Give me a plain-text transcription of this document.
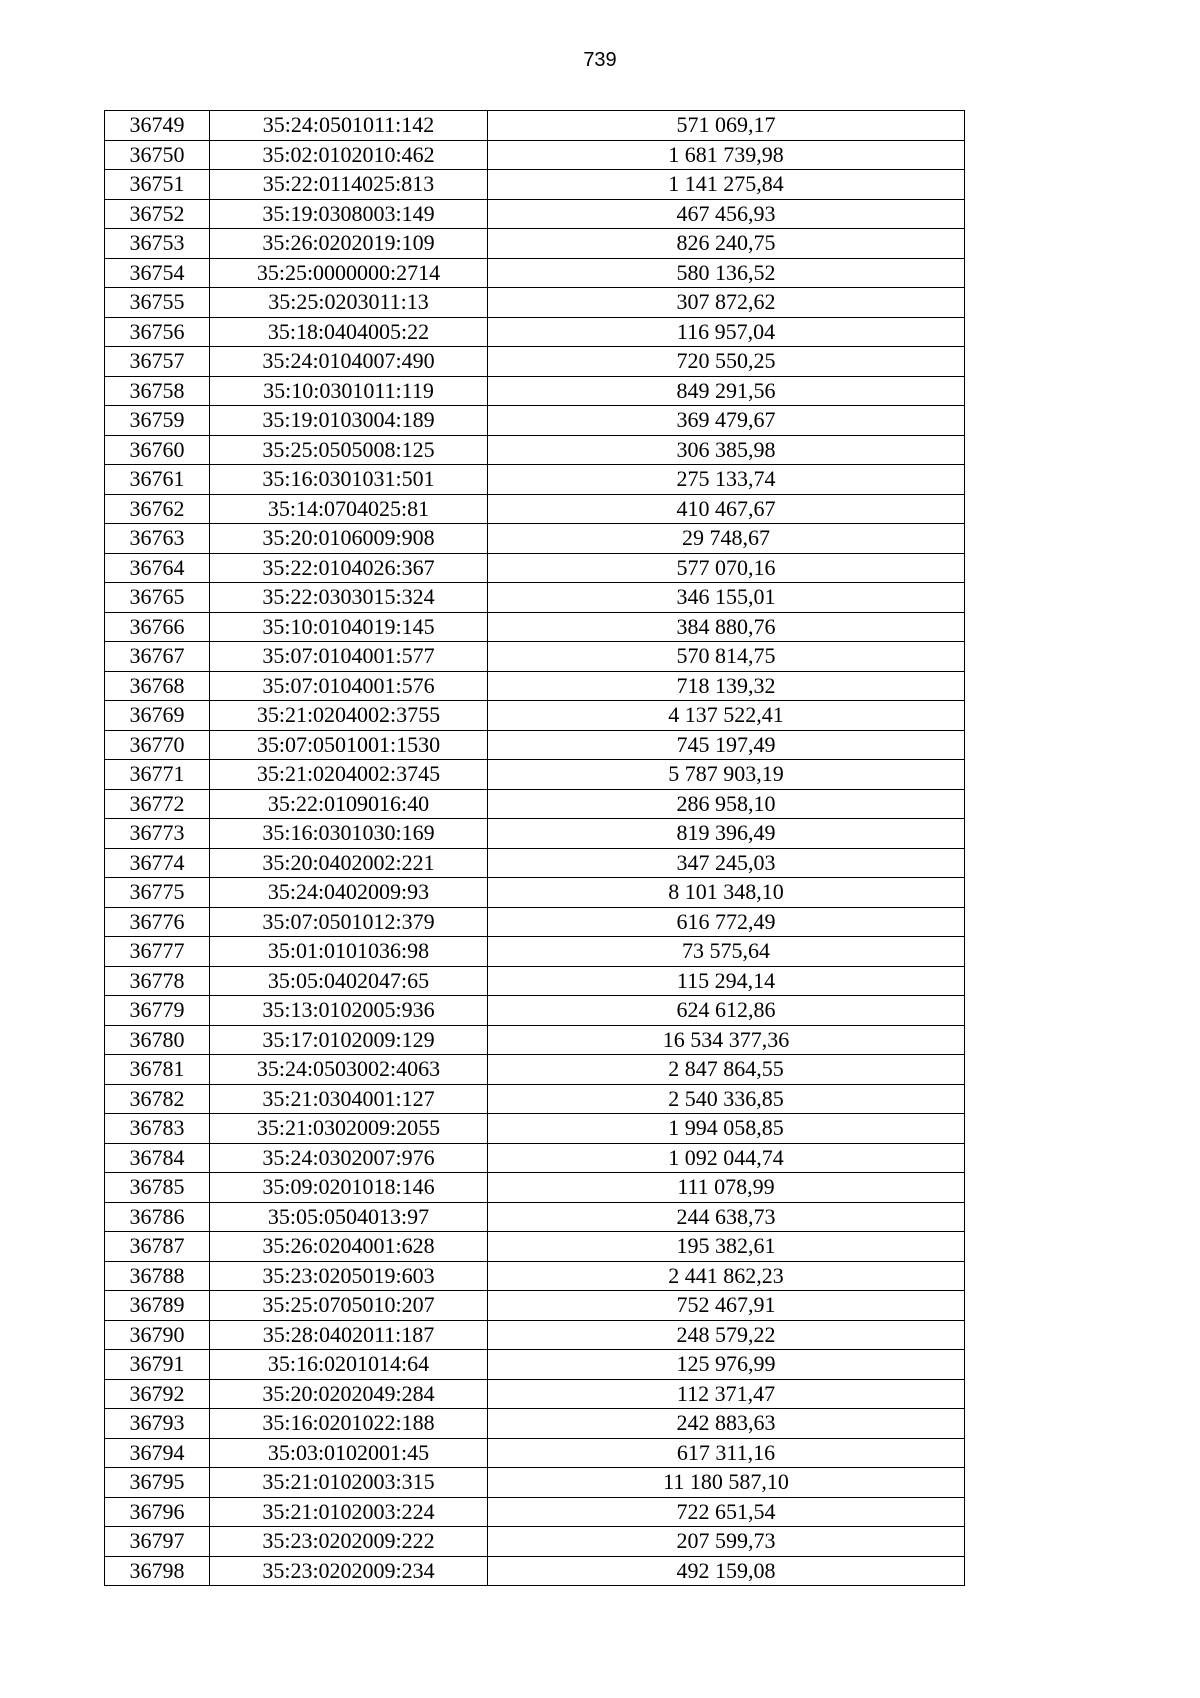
739
36749	35:24:0501011:142	571 069,17
36750	35:02:0102010:462	1 681 739,98
36751	35:22:0114025:813	1 141 275,84
36752	35:19:0308003:149	467 456,93
36753	35:26:0202019:109	826 240,75
36754	35:25:0000000:2714	580 136,52
36755	35:25:0203011:13	307 872,62
36756	35:18:0404005:22	116 957,04
36757	35:24:0104007:490	720 550,25
36758	35:10:0301011:119	849 291,56
36759	35:19:0103004:189	369 479,67
36760	35:25:0505008:125	306 385,98
36761	35:16:0301031:501	275 133,74
36762	35:14:0704025:81	410 467,67
36763	35:20:0106009:908	29 748,67
36764	35:22:0104026:367	577 070,16
36765	35:22:0303015:324	346 155,01
36766	35:10:0104019:145	384 880,76
36767	35:07:0104001:577	570 814,75
36768	35:07:0104001:576	718 139,32
36769	35:21:0204002:3755	4 137 522,41
36770	35:07:0501001:1530	745 197,49
36771	35:21:0204002:3745	5 787 903,19
36772	35:22:0109016:40	286 958,10
36773	35:16:0301030:169	819 396,49
36774	35:20:0402002:221	347 245,03
36775	35:24:0402009:93	8 101 348,10
36776	35:07:0501012:379	616 772,49
36777	35:01:0101036:98	73 575,64
36778	35:05:0402047:65	115 294,14
36779	35:13:0102005:936	624 612,86
36780	35:17:0102009:129	16 534 377,36
36781	35:24:0503002:4063	2 847 864,55
36782	35:21:0304001:127	2 540 336,85
36783	35:21:0302009:2055	1 994 058,85
36784	35:24:0302007:976	1 092 044,74
36785	35:09:0201018:146	111 078,99
36786	35:05:0504013:97	244 638,73
36787	35:26:0204001:628	195 382,61
36788	35:23:0205019:603	2 441 862,23
36789	35:25:0705010:207	752 467,91
36790	35:28:0402011:187	248 579,22
36791	35:16:0201014:64	125 976,99
36792	35:20:0202049:284	112 371,47
36793	35:16:0201022:188	242 883,63
36794	35:03:0102001:45	617 311,16
36795	35:21:0102003:315	11 180 587,10
36796	35:21:0102003:224	722 651,54
36797	35:23:0202009:222	207 599,73
36798	35:23:0202009:234	492 159,08
